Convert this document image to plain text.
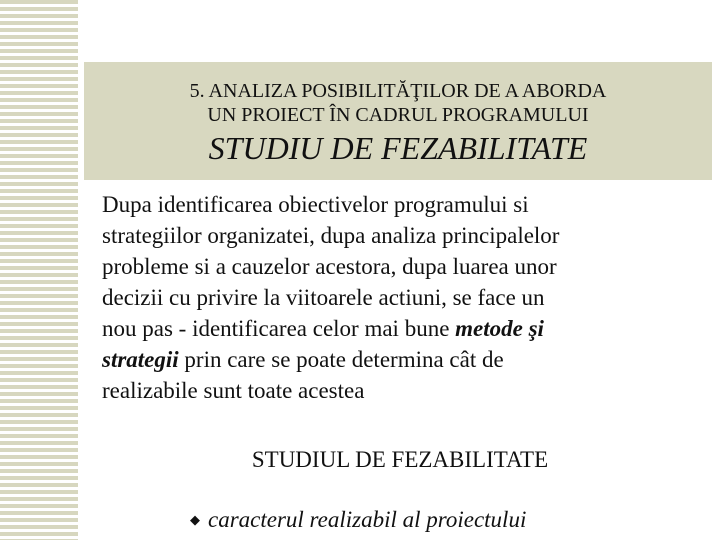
5. ANALIZA POSIBILITĂŢILOR DE A ABORDA
UN PROIECT ÎN CADRUL PROGRAMULUI
STUDIU DE FEZABILITATE
Dupa identificarea obiectivelor programului si
strategiilor organizatei, dupa analiza principalelor
probleme si a cauzelor acestora, dupa luarea unor
decizii cu privire la viitoarele actiuni, se face un
nou pas - identificarea celor mai bune metode şi
strategii prin care se poate determina cât de
realizabile sunt toate acestea
STUDIUL DE FEZABILITATE
◆ caracterul realizabil al proiectului
